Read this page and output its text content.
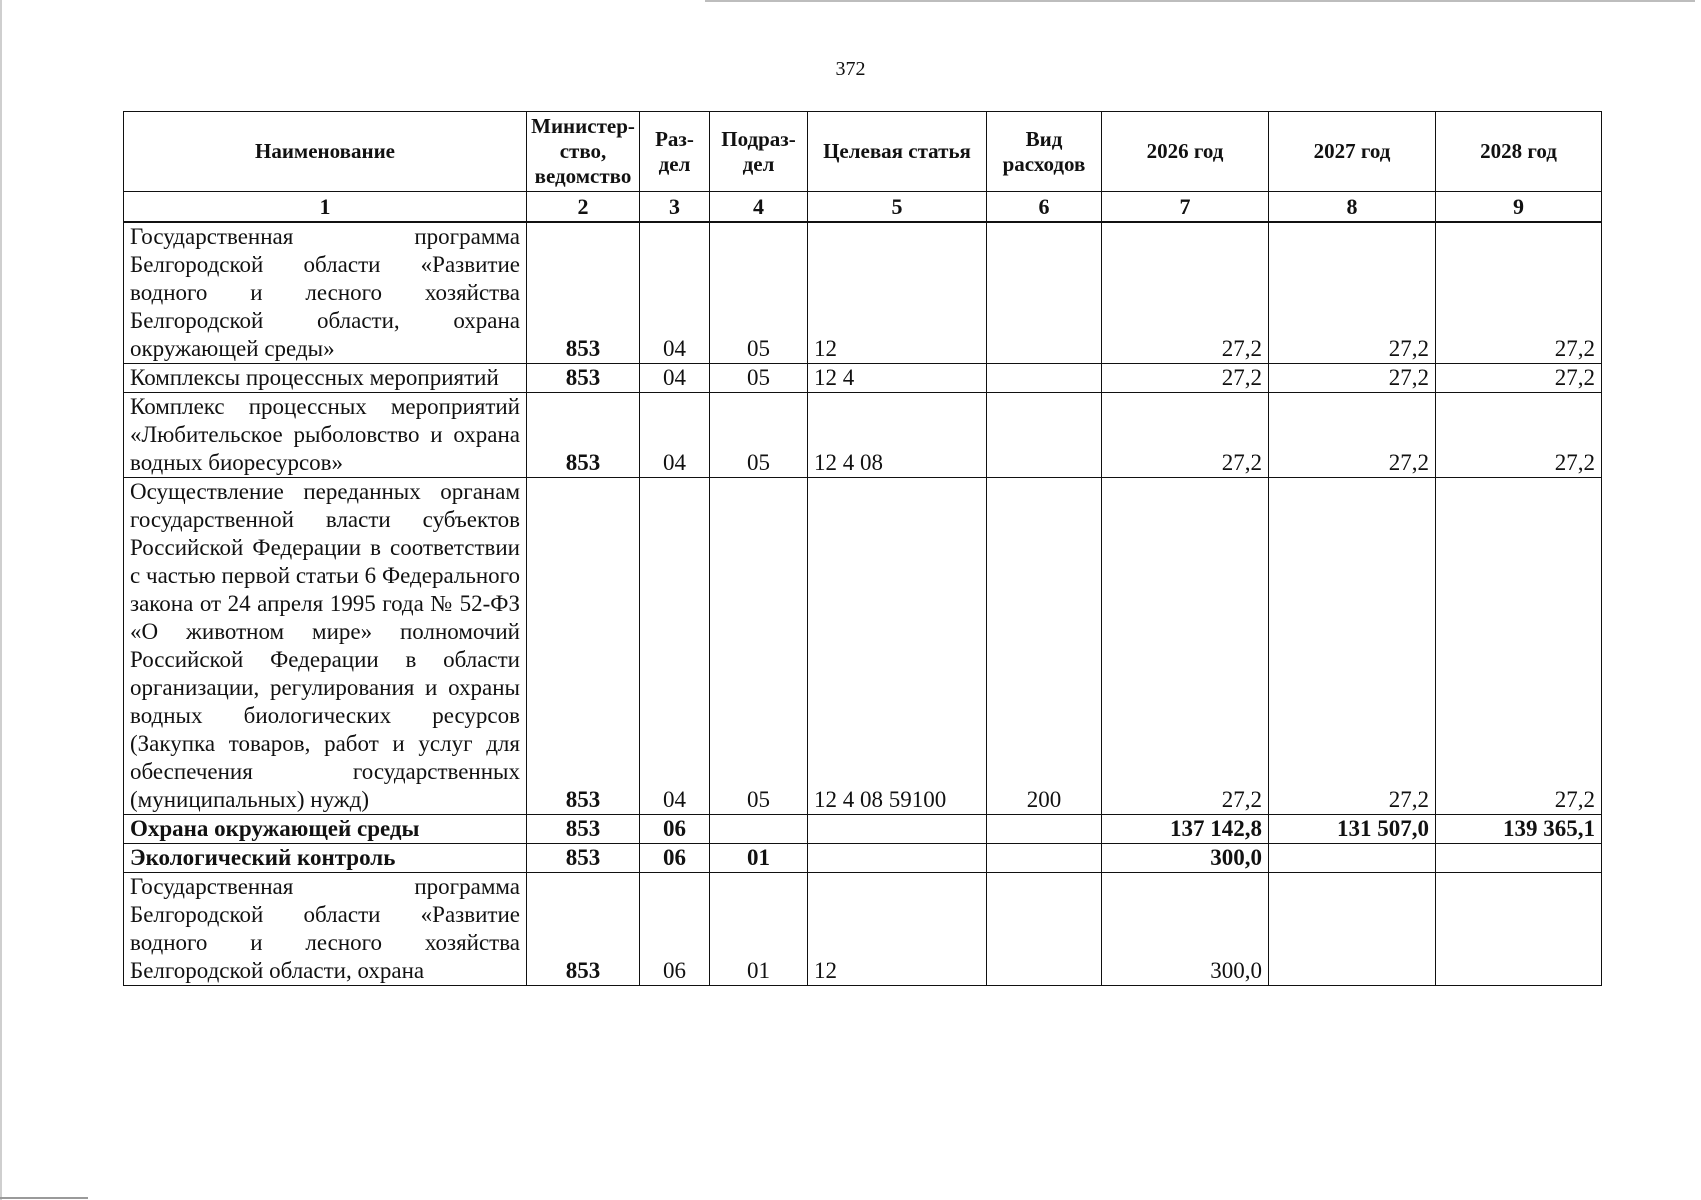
372
Наименование	Министер-ство, ведомство	Раз-дел	Подраз-дел	Целевая статья	Вид расходов	2026 год	2027 год	2028 год
1	2	3	4	5	6	7	8	9
Государственная программа Белгородской области «Развитие водного и лесного хозяйства Белгородской области, охрана окружающей среды»	853	04	05	12		27,2	27,2	27,2
Комплексы процессных мероприятий	853	04	05	12 4		27,2	27,2	27,2
Комплекс процессных мероприятий «Любительское рыболовство и охрана водных биоресурсов»	853	04	05	12 4 08		27,2	27,2	27,2
Осуществление переданных органам государственной власти субъектов Российской Федерации в соответствии с частью первой статьи 6 Федерального закона от 24 апреля 1995 года № 52-ФЗ «О животном мире» полномочий Российской Федерации в области организации, регулирования и охраны водных биологических ресурсов (Закупка товаров, работ и услуг для обеспечения государственных (муниципальных) нужд)	853	04	05	12 4 08 59100	200	27,2	27,2	27,2
Охрана окружающей среды	853	06				137 142,8	131 507,0	139 365,1
Экологический контроль	853	06	01			300,0		
Государственная программа Белгородской области «Развитие водного и лесного хозяйства Белгородской области, охрана	853	06	01	12		300,0		
